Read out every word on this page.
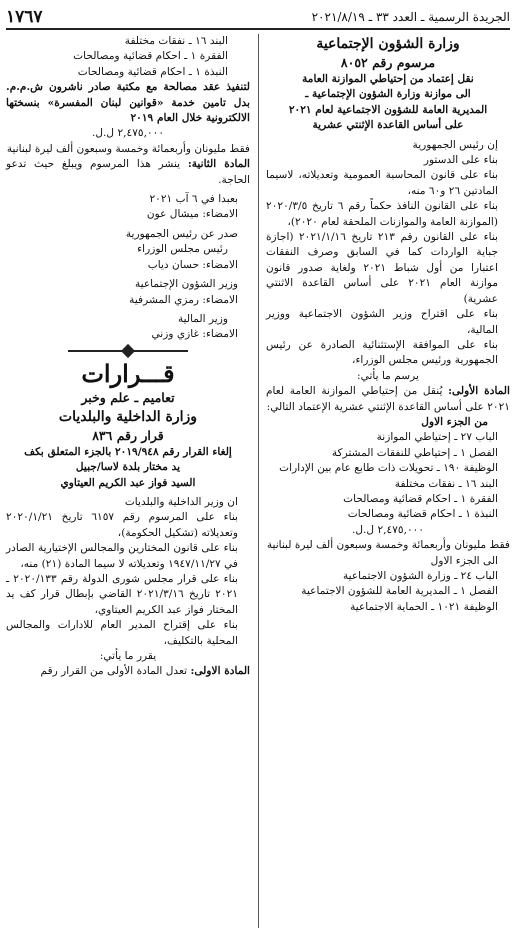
الجريدة الرسمية ـ العدد ٣٣ ـ ٢٠٢١/٨/١٩
١٧٦٧
وزارة الشؤون الإجتماعية
مرسوم رقم ٨٠٥٢
نقل إعتماد من إحتياطي الموازنة العامة
الى موازنة وزارة الشؤون الإجتماعية ـ
المديرية العامة للشؤون الاجتماعية لعام ٢٠٢١
على أساس القاعدة الإثنتي عشرية
إن رئيس الجمهورية
بناء على الدستور
بناء على قانون المحاسبة العمومية وتعديلاته، لاسيما المادتين ٢٦ و٦٠ منه،
بناء على القانون النافذ حكماً رقم ٦ تاريخ ٢٠٢٠/٣/٥ (الموازنة العامة والموازنات الملحقة لعام ٢٠٢٠)،
بناء على القانون رقم ٢١٣ تاريخ ٢٠٢١/١/١٦ (اجازة جباية الواردات كما في السابق وصرف النفقات اعتبارا من أول شباط ٢٠٢١ ولغاية صدور قانون موازنة العام ٢٠٢١ على أساس القاعدة الاثنتي عشرية)
بناء على اقتراح وزير الشؤون الاجتماعية ووزير المالية،
بناء على الموافقة الإستثنائية الصادرة عن رئيس الجمهورية ورئيس مجلس الوزراء،
يرسم ما يأتي:
المادة الأولى: يُنقل من إحتياطي الموازنة العامة لعام ٢٠٢١ على أساس القاعدة الإثنتي عشرية الإعتماد التالي:
من الجزء الاول
الباب ٢٧ ـ إحتياطي الموازنة
الفصل ١ ـ إحتياطي للنفقات المشتركة
الوظيفة ١٩٠ ـ تحويلات ذات طابع عام بين الإدارات
البند ١٦ ـ نفقات مختلفة
الفقرة ١ ـ احكام قضائية ومصالحات
النبذة ١ ـ احكام قضائية ومصالحات
٢,٤٧٥,٠٠٠ ل.ل.
فقط مليونان وأربعمائة وخمسة وسبعون ألف ليرة لبنانية
الى الجزء الاول
الباب ٢٤ ـ وزارة الشؤون الاجتماعية
الفصل ١ ـ المديرية العامة للشؤون الاجتماعية
الوظيفة ١٠٢١ ـ الحماية الاجتماعية
البند ١٦ ـ نفقات مختلفة
الفقرة ١ ـ احكام قضائية ومصالحات
النبذة ١ ـ احكام قضائية ومصالحات
لتنفيذ عقد مصالحة مع مكتبة صادر ناشرون ش.م.م. بدل تامين خدمة «قوانين لبنان المفسرة» بنسختها الالكترونية خلال العام ٢٠١٩
٢,٤٧٥,٠٠٠ ل.ل.
فقط مليونان وأربعمائة وخمسة وسبعون ألف ليرة لبنانية
المادة الثانية: ينشر هذا المرسوم ويبلغ حيث تدعو الحاجة.
بعبدا في ٦ آب ٢٠٢١
الامضاء: ميشال عون
صدر عن رئيس الجمهورية
رئيس مجلس الوزراء
الامضاء: حسان دياب
وزير الشؤون الإجتماعية
الامضاء: رمزي المشرفية
وزير المالية
الامضاء: غازي وزني
قـــرارات
تعاميم ـ علم وخبر
وزارة الداخلية والبلديات
قرار رقم ٨٣٦
إلغاء القرار رقم ٢٠١٩/٩٤٨ بالجزء المتعلق بكف
يد مختار بلدة لاسا/جبيل
السيد فواز عبد الكريم العيتاوي
ان وزير الداخلية والبلديات
بناء على المرسوم رقم ٦١٥٧ تاريخ ٢٠٢٠/١/٢١ وتعديلاته (تشكيل الحكومة)،
بناء على قانون المختارين والمجالس الإختيارية الصادر في ١٩٤٧/١١/٢٧ وتعديلاته لا سيما المادة (٢١) منه،
بناء على قرار مجلس شورى الدولة رقم ٢٠٢٠/١٣٣ ـ ٢٠٢١ تاريخ ٢٠٢١/٣/١٦ القاضي بإبطال قرار كف يد المختار فواز عبد الكريم العيتاوي،
بناء على إقتراح المدير العام للادارات والمجالس المحلية بالتكليف،
يقرر ما يأتي:
المادة الاولى: تعدل المادة الأولى من القرار رقم
